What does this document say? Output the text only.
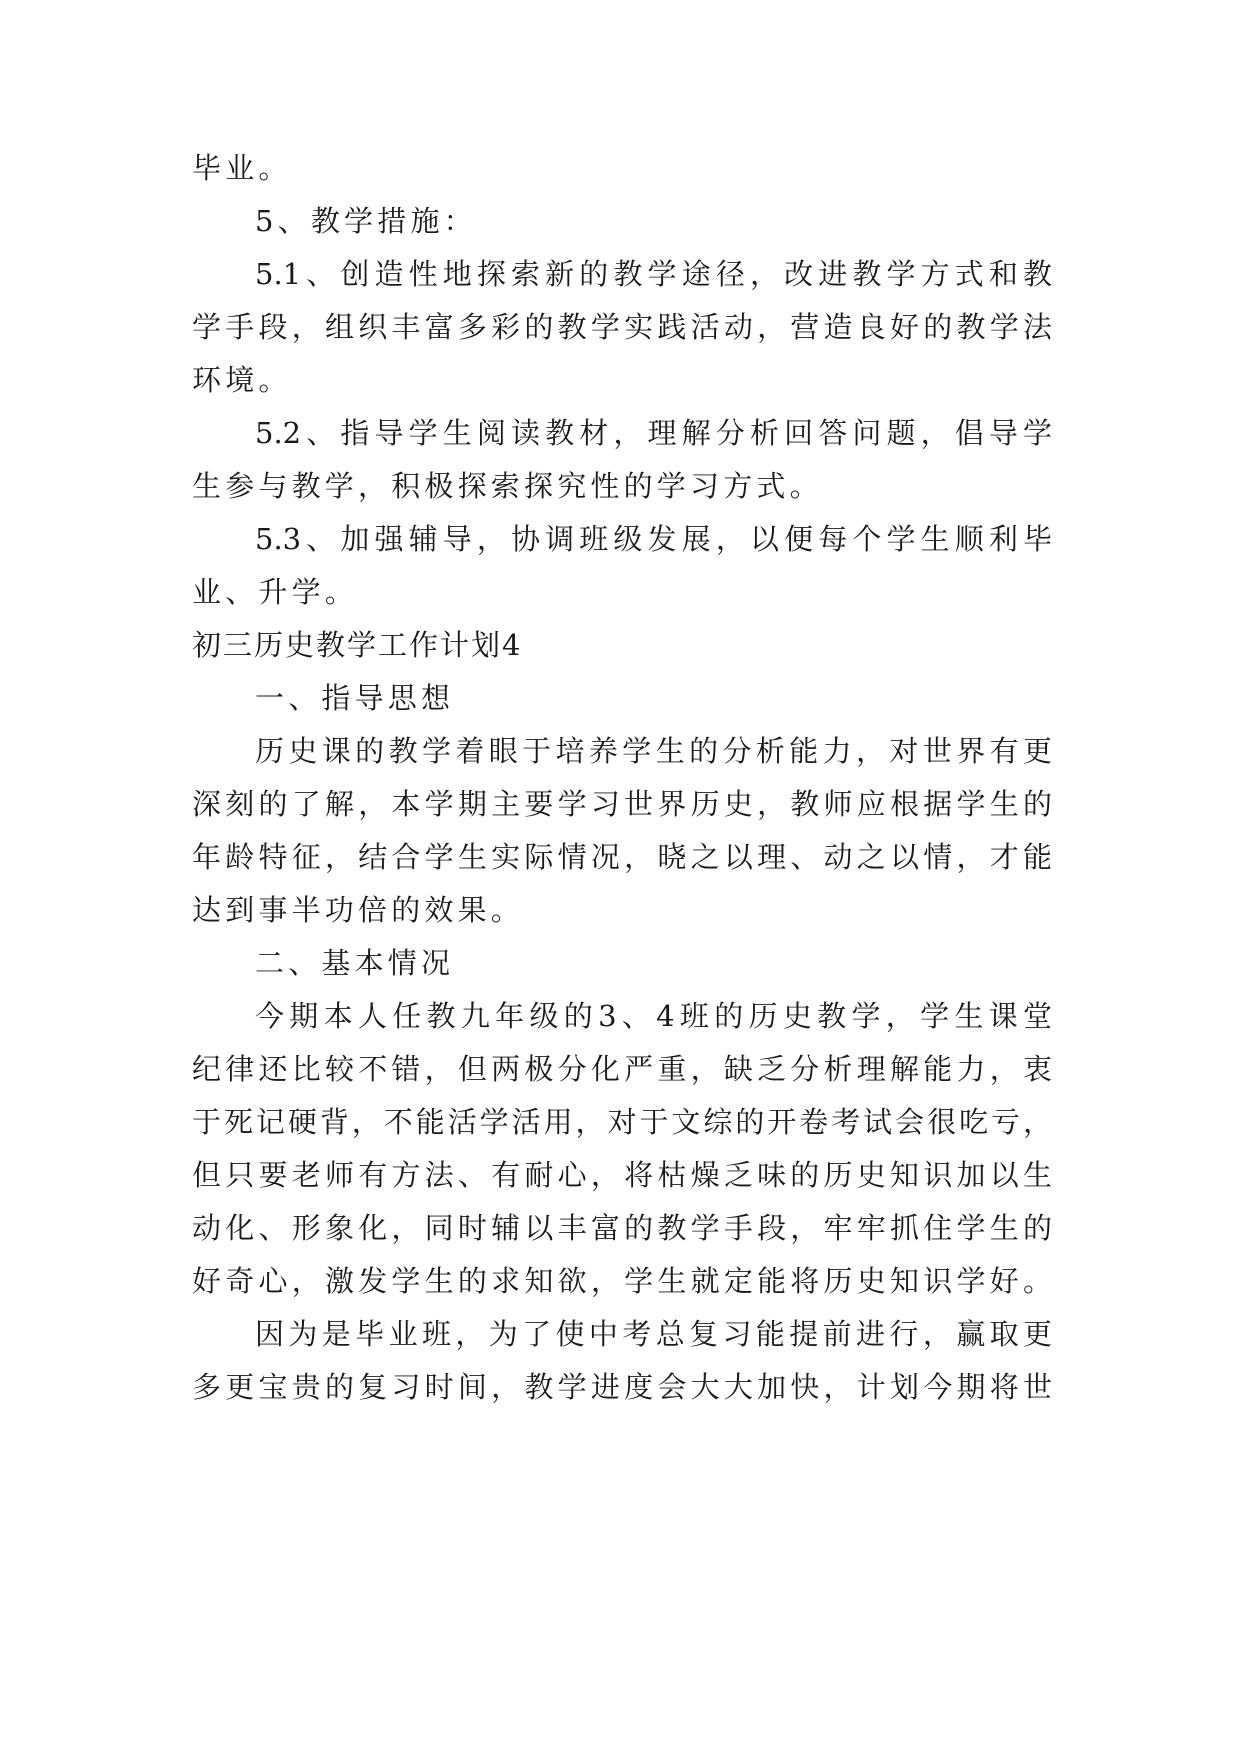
毕业。
5、教学措施：
5.1、创造性地探索新的教学途径，改进教学方式和教
学手段，组织丰富多彩的教学实践活动，营造良好的教学法
环境。
5.2、指导学生阅读教材，理解分析回答问题，倡导学
生参与教学，积极探索探究性的学习方式。
5.3、加强辅导，协调班级发展，以便每个学生顺利毕
业、升学。
初三历史教学工作计划4
一、指导思想
历史课的教学着眼于培养学生的分析能力，对世界有更
深刻的了解，本学期主要学习世界历史，教师应根据学生的
年龄特征，结合学生实际情况，晓之以理、动之以情，才能
达到事半功倍的效果。
二、基本情况
今期本人任教九年级的3、4班的历史教学，学生课堂
纪律还比较不错，但两极分化严重，缺乏分析理解能力，衷
于死记硬背，不能活学活用，对于文综的开卷考试会很吃亏，
但只要老师有方法、有耐心，将枯燥乏味的历史知识加以生
动化、形象化，同时辅以丰富的教学手段，牢牢抓住学生的
好奇心，激发学生的求知欲，学生就定能将历史知识学好。
因为是毕业班，为了使中考总复习能提前进行，赢取更
多更宝贵的复习时间，教学进度会大大加快，计划今期将世
